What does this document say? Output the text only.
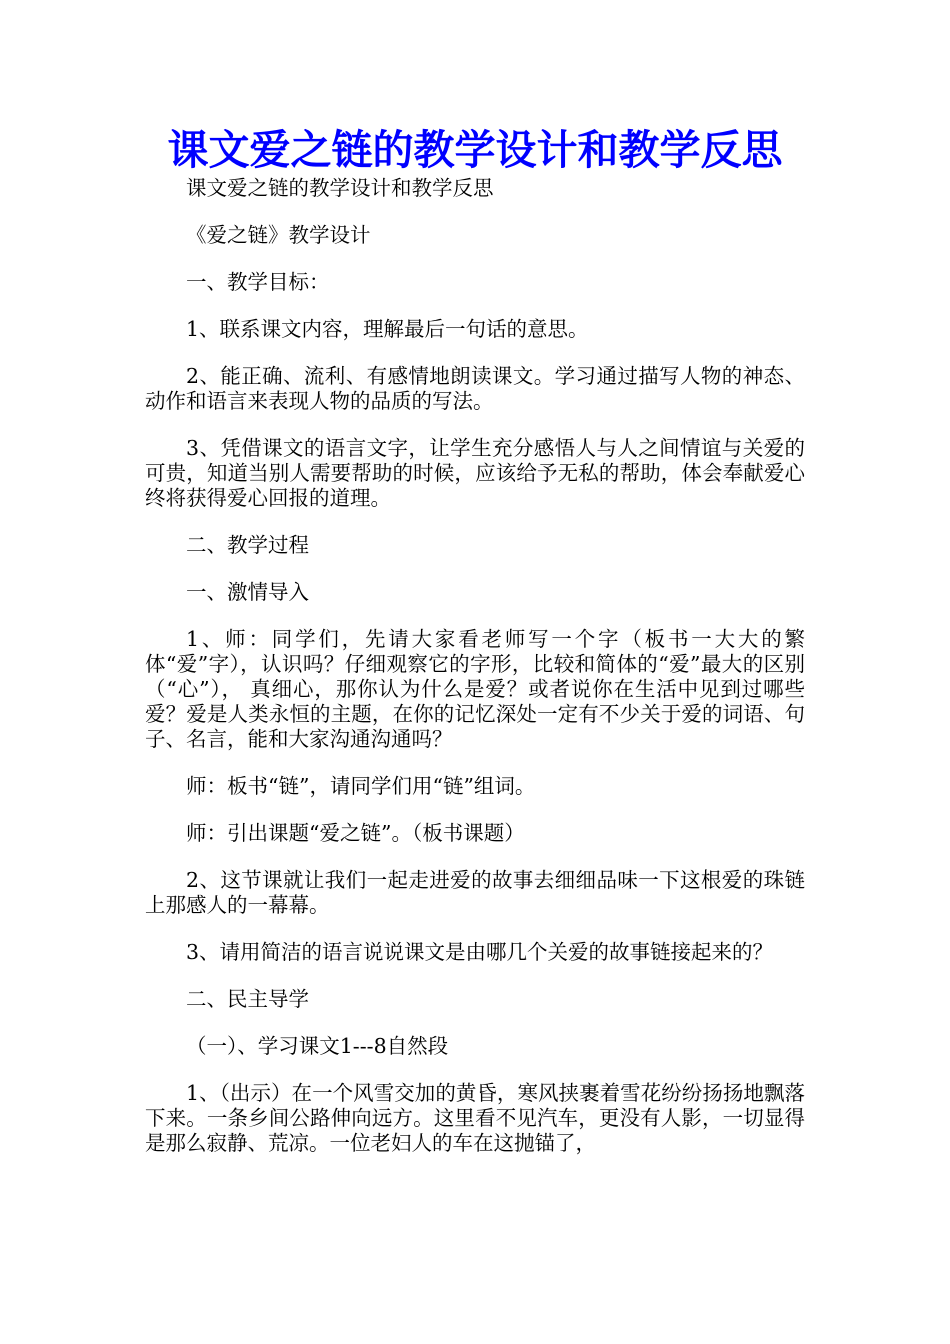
课文爱之链的教学设计和教学反思

课文爱之链的教学设计和教学反思

《爱之链》教学设计

一、教学目标：

1、联系课文内容，理解最后一句话的意思。

2、能正确、流利、有感情地朗读课文。学习通过描写人物的神态、动作和语言来表现人物的品质的写法。

3、凭借课文的语言文字，让学生充分感悟人与人之间情谊与关爱的可贵，知道当别人需要帮助的时候，应该给予无私的帮助，体会奉献爱心终将获得爱心回报的道理。

二、教学过程

一、激情导入

1、师：同学们，先请大家看老师写一个字（板书一大大的繁体“爱”字），认识吗？仔细观察它的字形，比较和简体的“爱”最大的区别（“心”）， 真细心，那你认为什么是爱？或者说你在生活中见到过哪些爱？爱是人类永恒的主题，在你的记忆深处一定有不少关于爱的词语、句子、名言，能和大家沟通沟通吗？

师：板书“链”，请同学们用“链”组词。

师：引出课题“爱之链”。（板书课题）

2、这节课就让我们一起走进爱的故事去细细品味一下这根爱的珠链上那感人的一幕幕。

3、请用简洁的语言说说课文是由哪几个关爱的故事链接起来的？

二、民主导学

（一）、学习课文1---8自然段

1、（出示）在一个风雪交加的黄昏，寒风挟裹着雪花纷纷扬扬地飘落下来。一条乡间公路伸向远方。这里看不见汽车，更没有人影，一切显得是那么寂静、荒凉。一位老妇人的车在这抛锚了，
